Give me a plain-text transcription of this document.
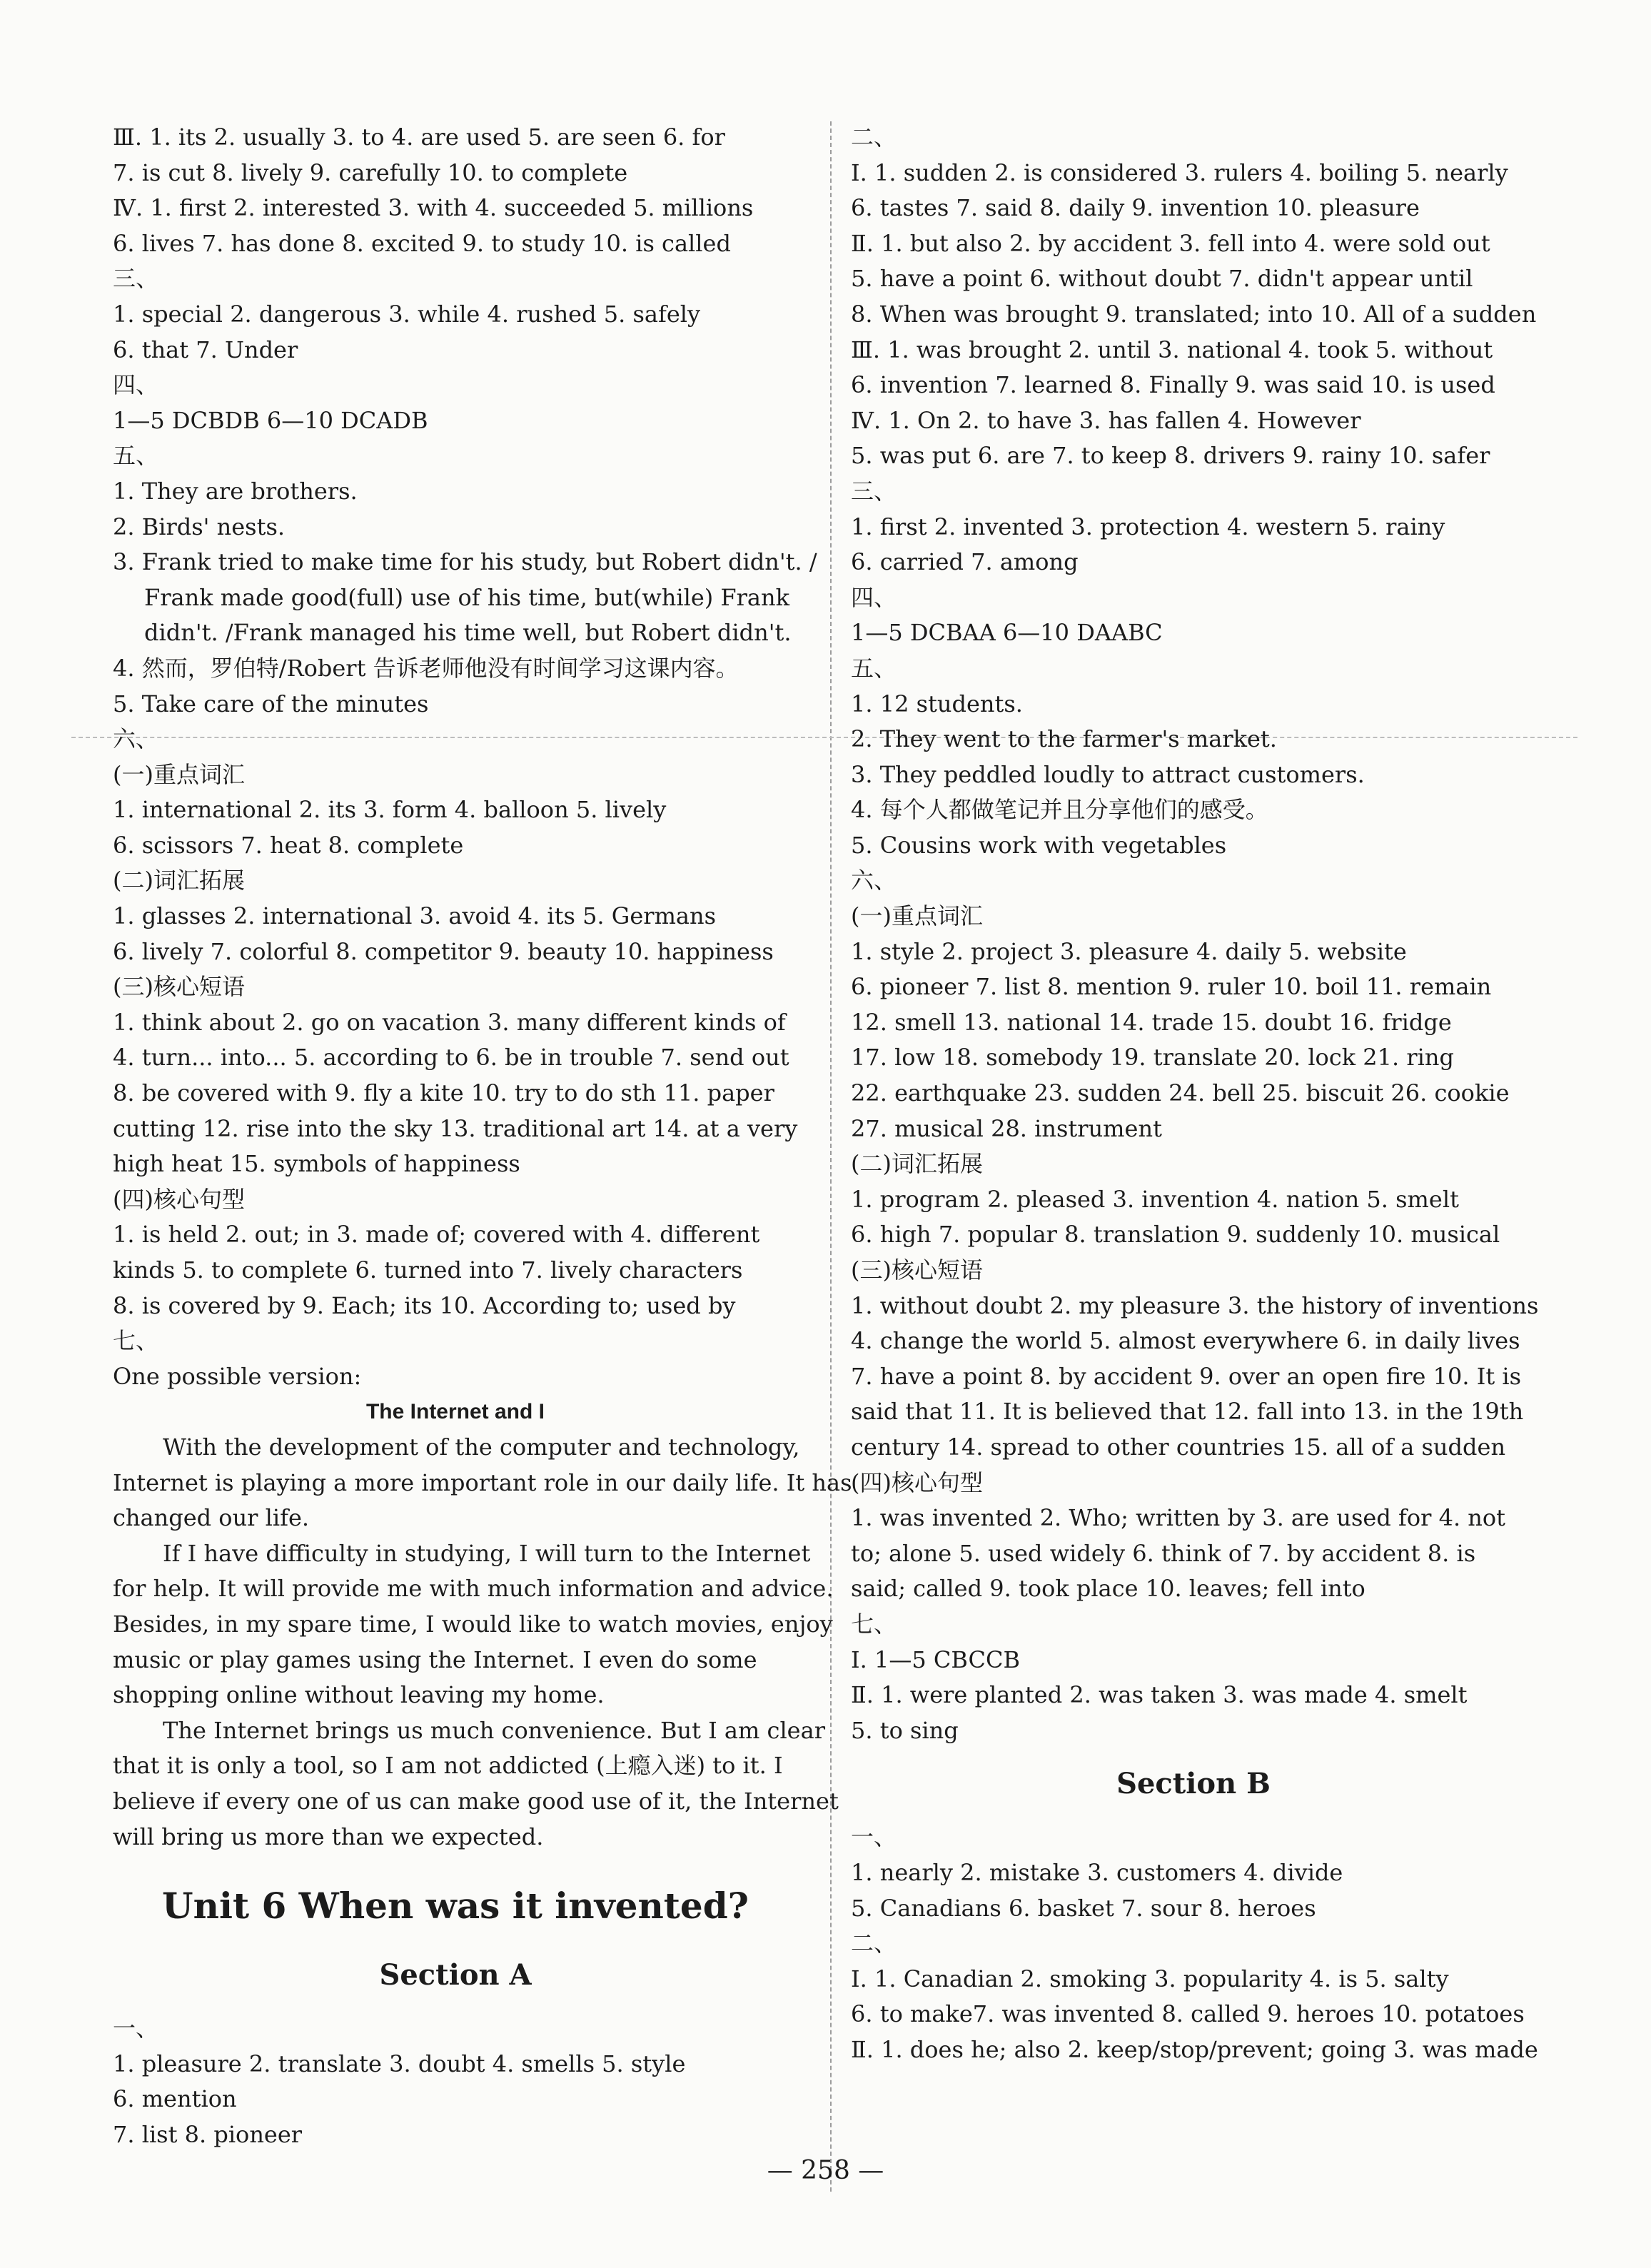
Ⅲ. 1. its 2. usually 3. to 4. are used 5. are seen 6. for
7. is cut 8. lively 9. carefully 10. to complete
Ⅳ. 1. first 2. interested 3. with 4. succeeded 5. millions
6. lives 7. has done 8. excited 9. to study 10. is called
三、
1. special 2. dangerous 3. while 4. rushed 5. safely
6. that 7. Under
四、
1—5 DCBDB 6—10 DCADB
五、
1. They are brothers.
2. Birds' nests.
3. Frank tried to make time for his study, but Robert didn't. /
Frank made good(full) use of his time, but(while) Frank
didn't. /Frank managed his time well, but Robert didn't.
4. 然而，罗伯特/Robert 告诉老师他没有时间学习这课内容。
5. Take care of the minutes
六、
(一)重点词汇
1. international 2. its 3. form 4. balloon 5. lively
6. scissors 7. heat 8. complete
(二)词汇拓展
1. glasses 2. international 3. avoid 4. its 5. Germans
6. lively 7. colorful 8. competitor 9. beauty 10. happiness
(三)核心短语
1. think about 2. go on vacation 3. many different kinds of
4. turn... into... 5. according to 6. be in trouble 7. send out
8. be covered with 9. fly a kite 10. try to do sth 11. paper
cutting 12. rise into the sky 13. traditional art 14. at a very
high heat 15. symbols of happiness
(四)核心句型
1. is held 2. out; in 3. made of; covered with 4. different
kinds 5. to complete 6. turned into 7. lively characters
8. is covered by 9. Each; its 10. According to; used by
七、
One possible version:
The Internet and I
With the development of the computer and technology,
Internet is playing a more important role in our daily life. It has
changed our life.
If I have difficulty in studying, I will turn to the Internet
for help. It will provide me with much information and advice.
Besides, in my spare time, I would like to watch movies, enjoy
music or play games using the Internet. I even do some
shopping online without leaving my home.
The Internet brings us much convenience. But I am clear
that it is only a tool, so I am not addicted (上瘾入迷) to it. I
believe if every one of us can make good use of it, the Internet
will bring us more than we expected.
Unit 6 When was it invented?
Section A
一、
1. pleasure 2. translate 3. doubt 4. smells 5. style
6. mention
7. list 8. pioneer
二、
Ⅰ. 1. sudden 2. is considered 3. rulers 4. boiling 5. nearly
6. tastes 7. said 8. daily 9. invention 10. pleasure
Ⅱ. 1. but also 2. by accident 3. fell into 4. were sold out
5. have a point 6. without doubt 7. didn't appear until
8. When was brought 9. translated; into 10. All of a sudden
Ⅲ. 1. was brought 2. until 3. national 4. took 5. without
6. invention 7. learned 8. Finally 9. was said 10. is used
Ⅳ. 1. On 2. to have 3. has fallen 4. However
5. was put 6. are 7. to keep 8. drivers 9. rainy 10. safer
三、
1. first 2. invented 3. protection 4. western 5. rainy
6. carried 7. among
四、
1—5 DCBAA 6—10 DAABC
五、
1. 12 students.
2. They went to the farmer's market.
3. They peddled loudly to attract customers.
4. 每个人都做笔记并且分享他们的感受。
5. Cousins work with vegetables
六、
(一)重点词汇
1. style 2. project 3. pleasure 4. daily 5. website
6. pioneer 7. list 8. mention 9. ruler 10. boil 11. remain
12. smell 13. national 14. trade 15. doubt 16. fridge
17. low 18. somebody 19. translate 20. lock 21. ring
22. earthquake 23. sudden 24. bell 25. biscuit 26. cookie
27. musical 28. instrument
(二)词汇拓展
1. program 2. pleased 3. invention 4. nation 5. smelt
6. high 7. popular 8. translation 9. suddenly 10. musical
(三)核心短语
1. without doubt 2. my pleasure 3. the history of inventions
4. change the world 5. almost everywhere 6. in daily lives
7. have a point 8. by accident 9. over an open fire 10. It is
said that 11. It is believed that 12. fall into 13. in the 19th
century 14. spread to other countries 15. all of a sudden
(四)核心句型
1. was invented 2. Who; written by 3. are used for 4. not
to; alone 5. used widely 6. think of 7. by accident 8. is
said; called 9. took place 10. leaves; fell into
七、
Ⅰ. 1—5 CBCCB
Ⅱ. 1. were planted 2. was taken 3. was made 4. smelt
5. to sing
Section B
一、
1. nearly 2. mistake 3. customers 4. divide
5. Canadians 6. basket 7. sour 8. heroes
二、
Ⅰ. 1. Canadian 2. smoking 3. popularity 4. is 5. salty
6. to make7. was invented 8. called 9. heroes 10. potatoes
Ⅱ. 1. does he; also 2. keep/stop/prevent; going 3. was made
— 258 —
